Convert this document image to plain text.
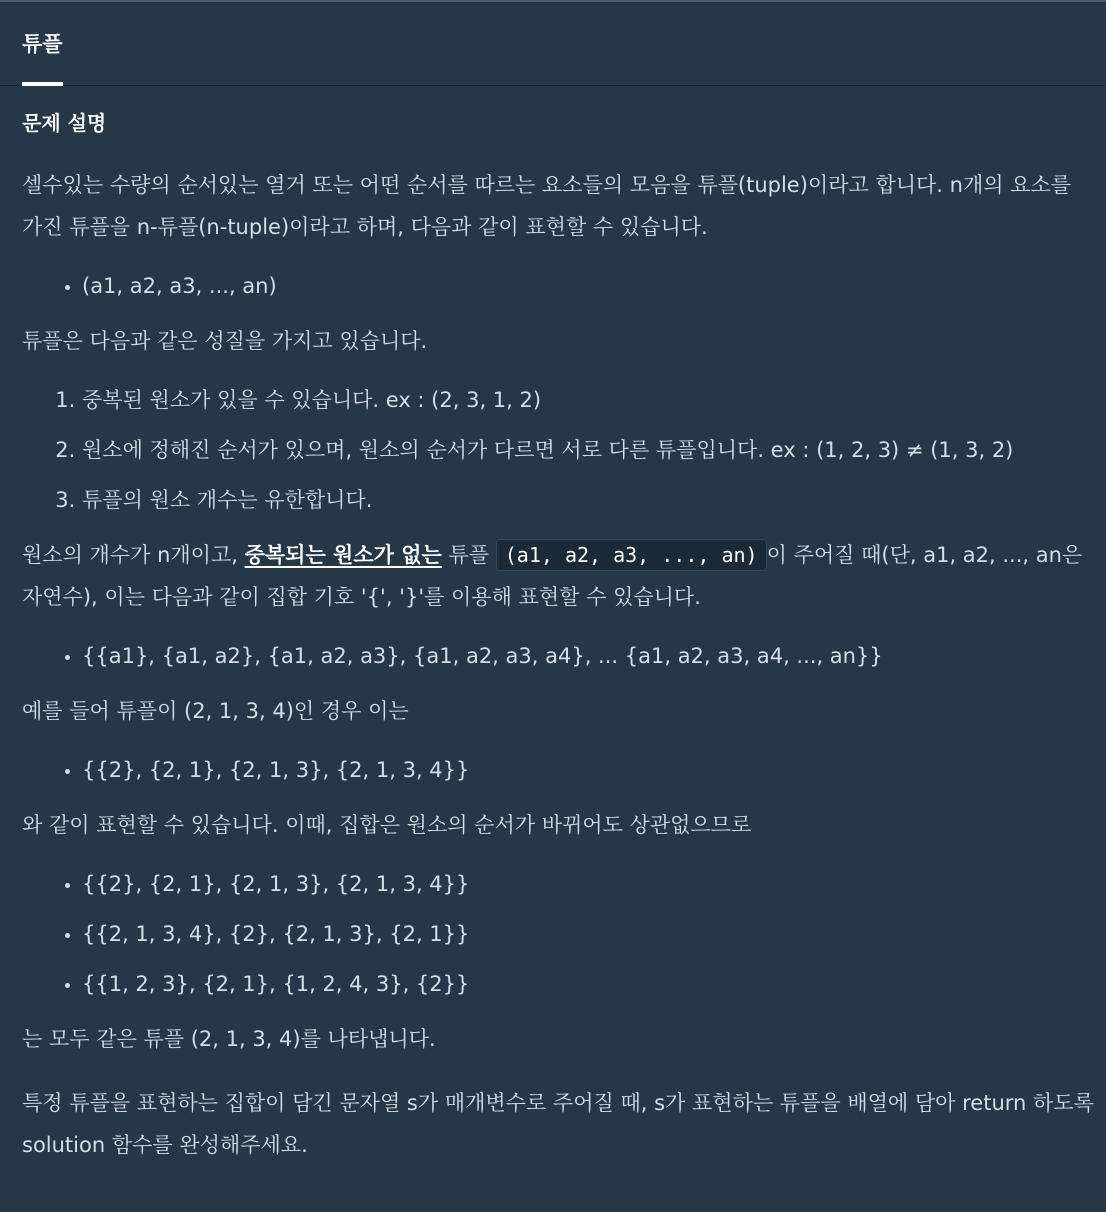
튜플
문제 설명

셀수있는 수량의 순서있는 열거 또는 어떤 순서를 따르는 요소들의 모음을 튜플(tuple)이라고 합니다. n개의 요소를 가진 튜플을 n-튜플(n-tuple)이라고 하며, 다음과 같이 표현할 수 있습니다.

• (a1, a2, a3, ..., an)

튜플은 다음과 같은 성질을 가지고 있습니다.

1. 중복된 원소가 있을 수 있습니다. ex : (2, 3, 1, 2)
2. 원소에 정해진 순서가 있으며, 원소의 순서가 다르면 서로 다른 튜플입니다. ex : (1, 2, 3) ≠ (1, 3, 2)
3. 튜플의 원소 개수는 유한합니다.

원소의 개수가 n개이고, 중복되는 원소가 없는 튜플 (a1, a2, a3, ..., an) 이 주어질 때(단, a1, a2, ..., an은 자연수), 이는 다음과 같이 집합 기호 '{', '}'를 이용해 표현할 수 있습니다.

• {{a1}, {a1, a2}, {a1, a2, a3}, {a1, a2, a3, a4}, ... {a1, a2, a3, a4, ..., an}}

예를 들어 튜플이 (2, 1, 3, 4)인 경우 이는

• {{2}, {2, 1}, {2, 1, 3}, {2, 1, 3, 4}}

와 같이 표현할 수 있습니다. 이때, 집합은 원소의 순서가 바뀌어도 상관없으므로

• {{2}, {2, 1}, {2, 1, 3}, {2, 1, 3, 4}}
• {{2, 1, 3, 4}, {2}, {2, 1, 3}, {2, 1}}
• {{1, 2, 3}, {2, 1}, {1, 2, 4, 3}, {2}}

는 모두 같은 튜플 (2, 1, 3, 4)를 나타냅니다.

특정 튜플을 표현하는 집합이 담긴 문자열 s가 매개변수로 주어질 때, s가 표현하는 튜플을 배열에 담아 return 하도록 solution 함수를 완성해주세요.
